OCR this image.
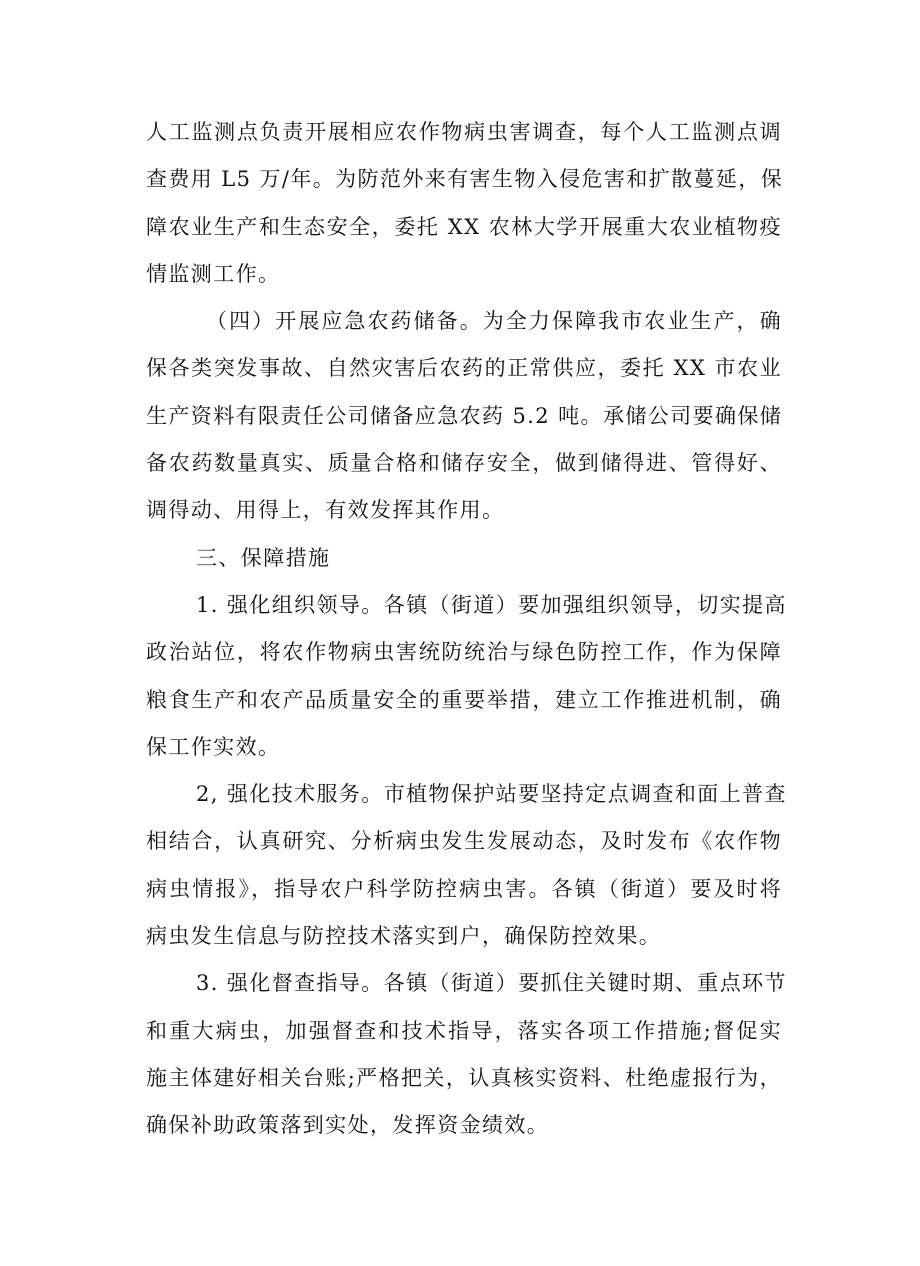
人工监测点负责开展相应农作物病虫害调查，每个人工监测点调
查费用 L5 万/年。为防范外来有害生物入侵危害和扩散蔓延，保
障农业生产和生态安全，委托 XX 农林大学开展重大农业植物疫
情监测工作。

（四）开展应急农药储备。为全力保障我市农业生产，确
保各类突发事故、自然灾害后农药的正常供应，委托 XX 市农业
生产资料有限责任公司储备应急农药 5.2 吨。承储公司要确保储
备农药数量真实、质量合格和储存安全，做到储得进、管得好、
调得动、用得上，有效发挥其作用。

三、保障措施

1. 强化组织领导。各镇（街道）要加强组织领导，切实提高
政治站位，将农作物病虫害统防统治与绿色防控工作，作为保障
粮食生产和农产品质量安全的重要举措，建立工作推进机制，确
保工作实效。

2, 强化技术服务。市植物保护站要坚持定点调查和面上普查
相结合，认真研究、分析病虫发生发展动态，及时发布《农作物
病虫情报》，指导农户科学防控病虫害。各镇（街道）要及时将
病虫发生信息与防控技术落实到户，确保防控效果。

3. 强化督查指导。各镇（街道）要抓住关键时期、重点环节
和重大病虫，加强督查和技术指导，落实各项工作措施;督促实
施主体建好相关台账;严格把关，认真核实资料、杜绝虚报行为，
确保补助政策落到实处，发挥资金绩效。
